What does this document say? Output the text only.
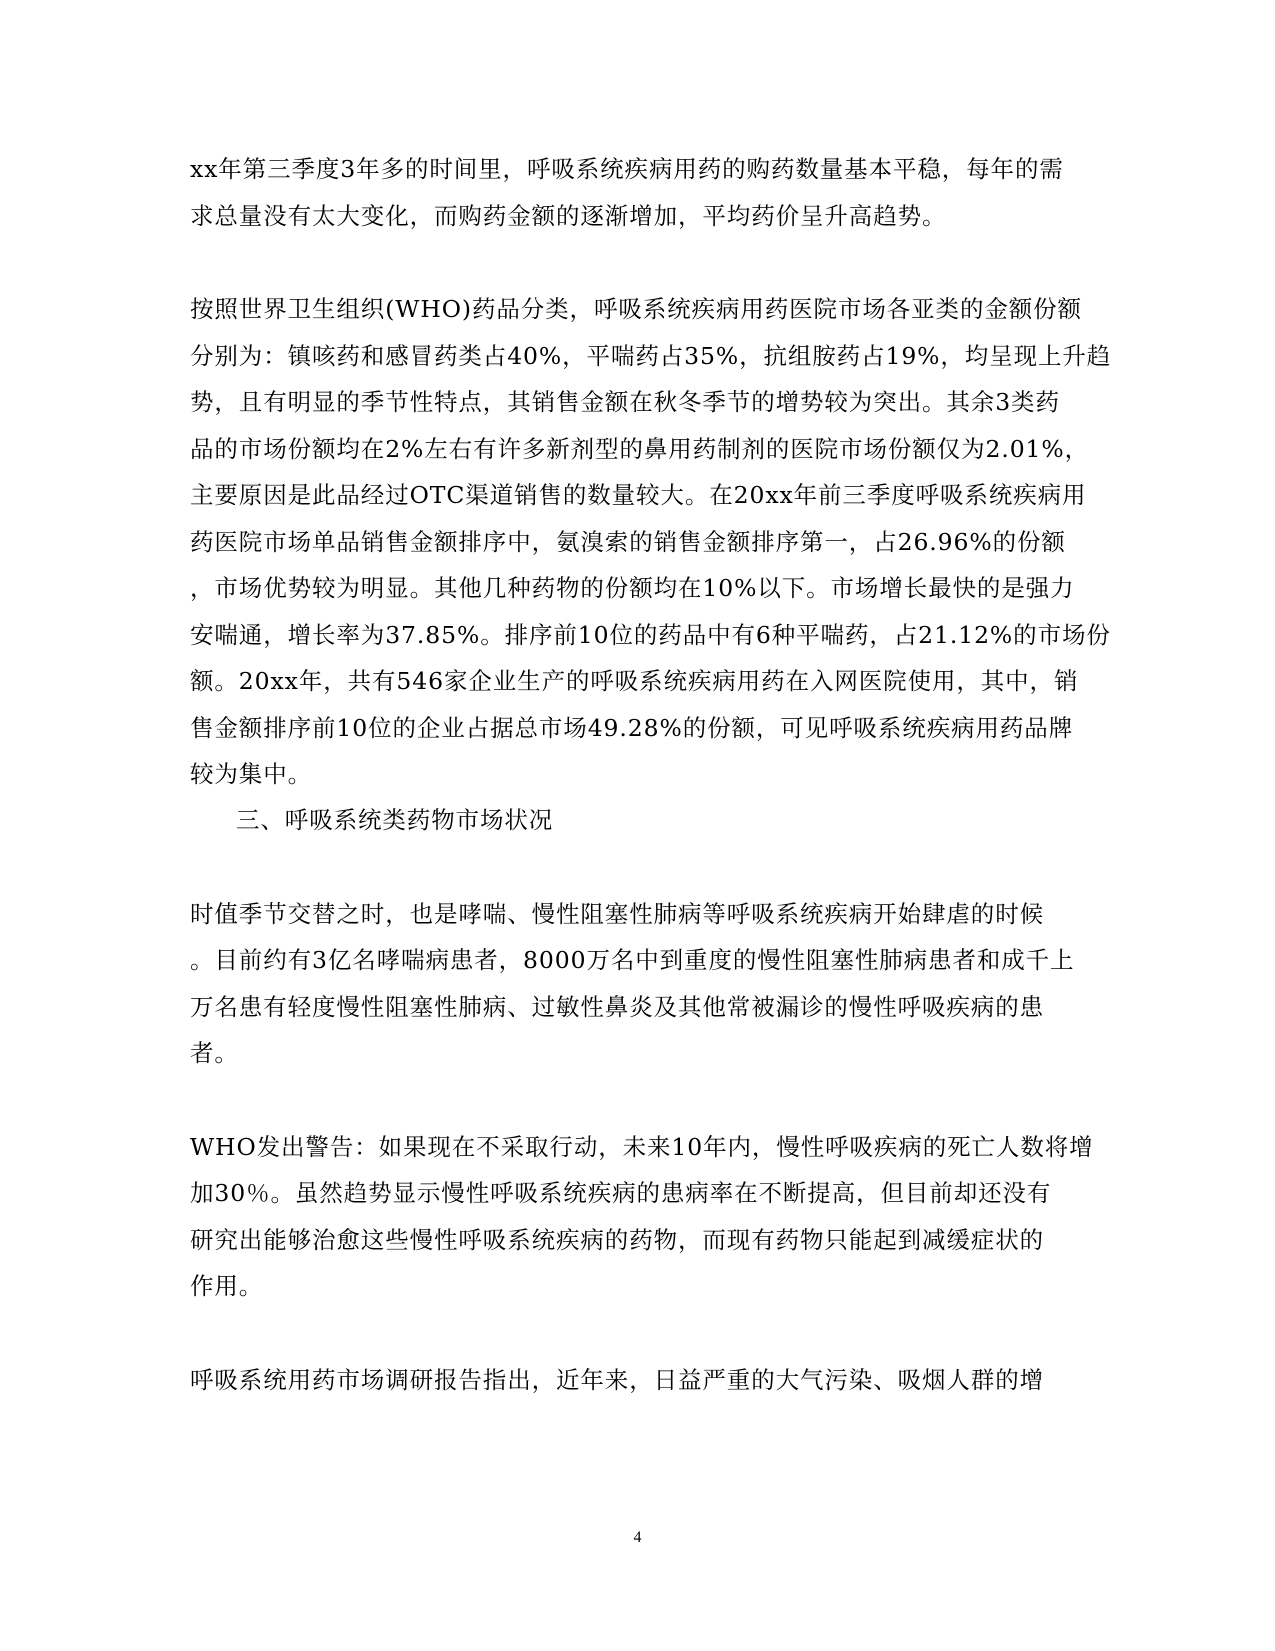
xx年第三季度3年多的时间里，呼吸系统疾病用药的购药数量基本平稳，每年的需
求总量没有太大变化，而购药金额的逐渐增加，平均药价呈升高趋势。
按照世界卫生组织(WHO)药品分类，呼吸系统疾病用药医院市场各亚类的金额份额
分别为：镇咳药和感冒药类占40%，平喘药占35%，抗组胺药占19%，均呈现上升趋
势，且有明显的季节性特点，其销售金额在秋冬季节的增势较为突出。其余3类药
品的市场份额均在2%左右有许多新剂型的鼻用药制剂的医院市场份额仅为2.01%，
主要原因是此品经过OTC渠道销售的数量较大。在20xx年前三季度呼吸系统疾病用
药医院市场单品销售金额排序中，氨溴索的销售金额排序第一，占26.96%的份额
，市场优势较为明显。其他几种药物的份额均在10%以下。市场增长最快的是强力
安喘通，增长率为37.85%。排序前10位的药品中有6种平喘药，占21.12%的市场份
额。20xx年，共有546家企业生产的呼吸系统疾病用药在入网医院使用，其中，销
售金额排序前10位的企业占据总市场49.28%的份额，可见呼吸系统疾病用药品牌
较为集中。
三、呼吸系统类药物市场状况
时值季节交替之时，也是哮喘、慢性阻塞性肺病等呼吸系统疾病开始肆虐的时候
。目前约有3亿名哮喘病患者，8000万名中到重度的慢性阻塞性肺病患者和成千上
万名患有轻度慢性阻塞性肺病、过敏性鼻炎及其他常被漏诊的慢性呼吸疾病的患
者。
WHO发出警告：如果现在不采取行动，未来10年内，慢性呼吸疾病的死亡人数将增
加30％。虽然趋势显示慢性呼吸系统疾病的患病率在不断提高，但目前却还没有
研究出能够治愈这些慢性呼吸系统疾病的药物，而现有药物只能起到减缓症状的
作用。
呼吸系统用药市场调研报告指出，近年来，日益严重的大气污染、吸烟人群的增
4
